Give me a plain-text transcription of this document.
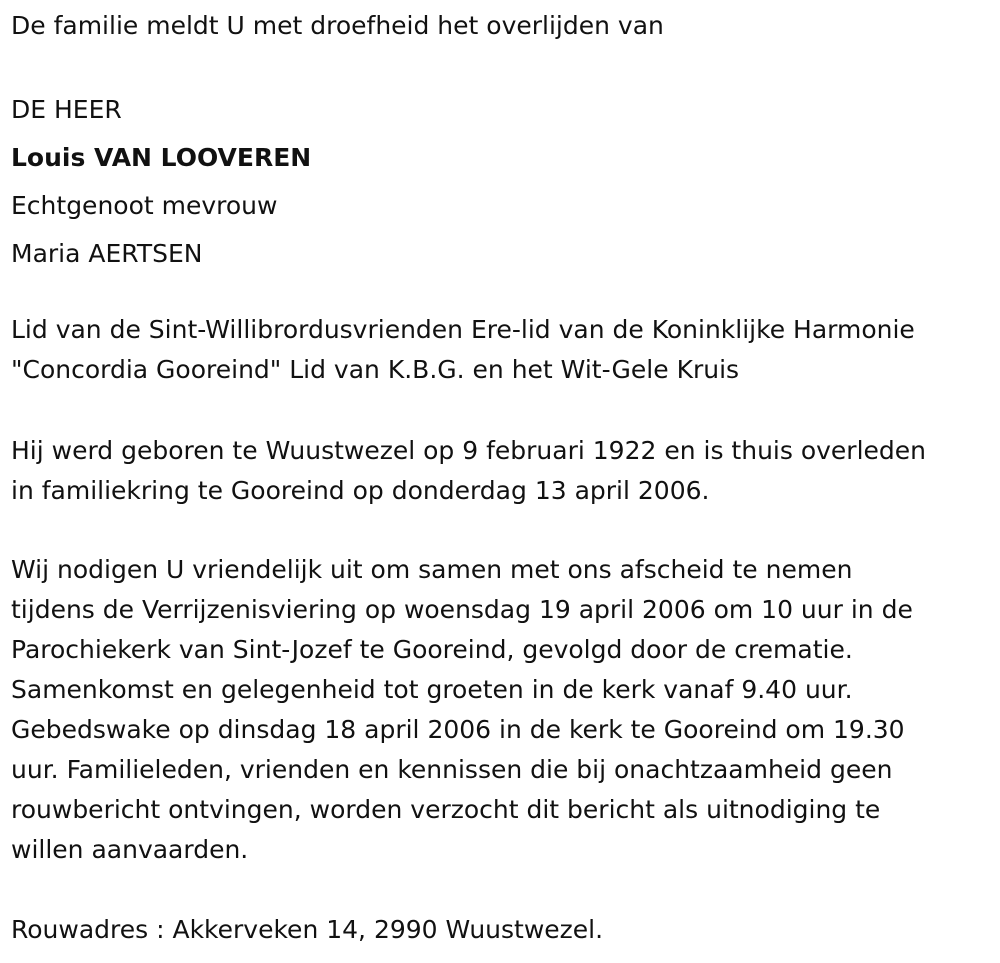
De familie meldt U met droefheid het overlijden van
DE HEER
Louis VAN LOOVEREN
Echtgenoot mevrouw
Maria AERTSEN
Lid van de Sint-Willibrordusvrienden Ere-lid van de Koninklijke Harmonie
"Concordia Gooreind" Lid van K.B.G. en het Wit-Gele Kruis
Hij werd geboren te Wuustwezel op 9 februari 1922 en is thuis overleden
in familiekring te Gooreind op donderdag 13 april 2006.
Wij nodigen U vriendelijk uit om samen met ons afscheid te nemen
tijdens de Verrijzenisviering op woensdag 19 april 2006 om 10 uur in de
Parochiekerk van Sint-Jozef te Gooreind, gevolgd door de crematie.
Samenkomst en gelegenheid tot groeten in de kerk vanaf 9.40 uur.
Gebedswake op dinsdag 18 april 2006 in de kerk te Gooreind om 19.30
uur. Familieleden, vrienden en kennissen die bij onachtzaamheid geen
rouwbericht ontvingen, worden verzocht dit bericht als uitnodiging te
willen aanvaarden.
Rouwadres : Akkerveken 14, 2990 Wuustwezel.
